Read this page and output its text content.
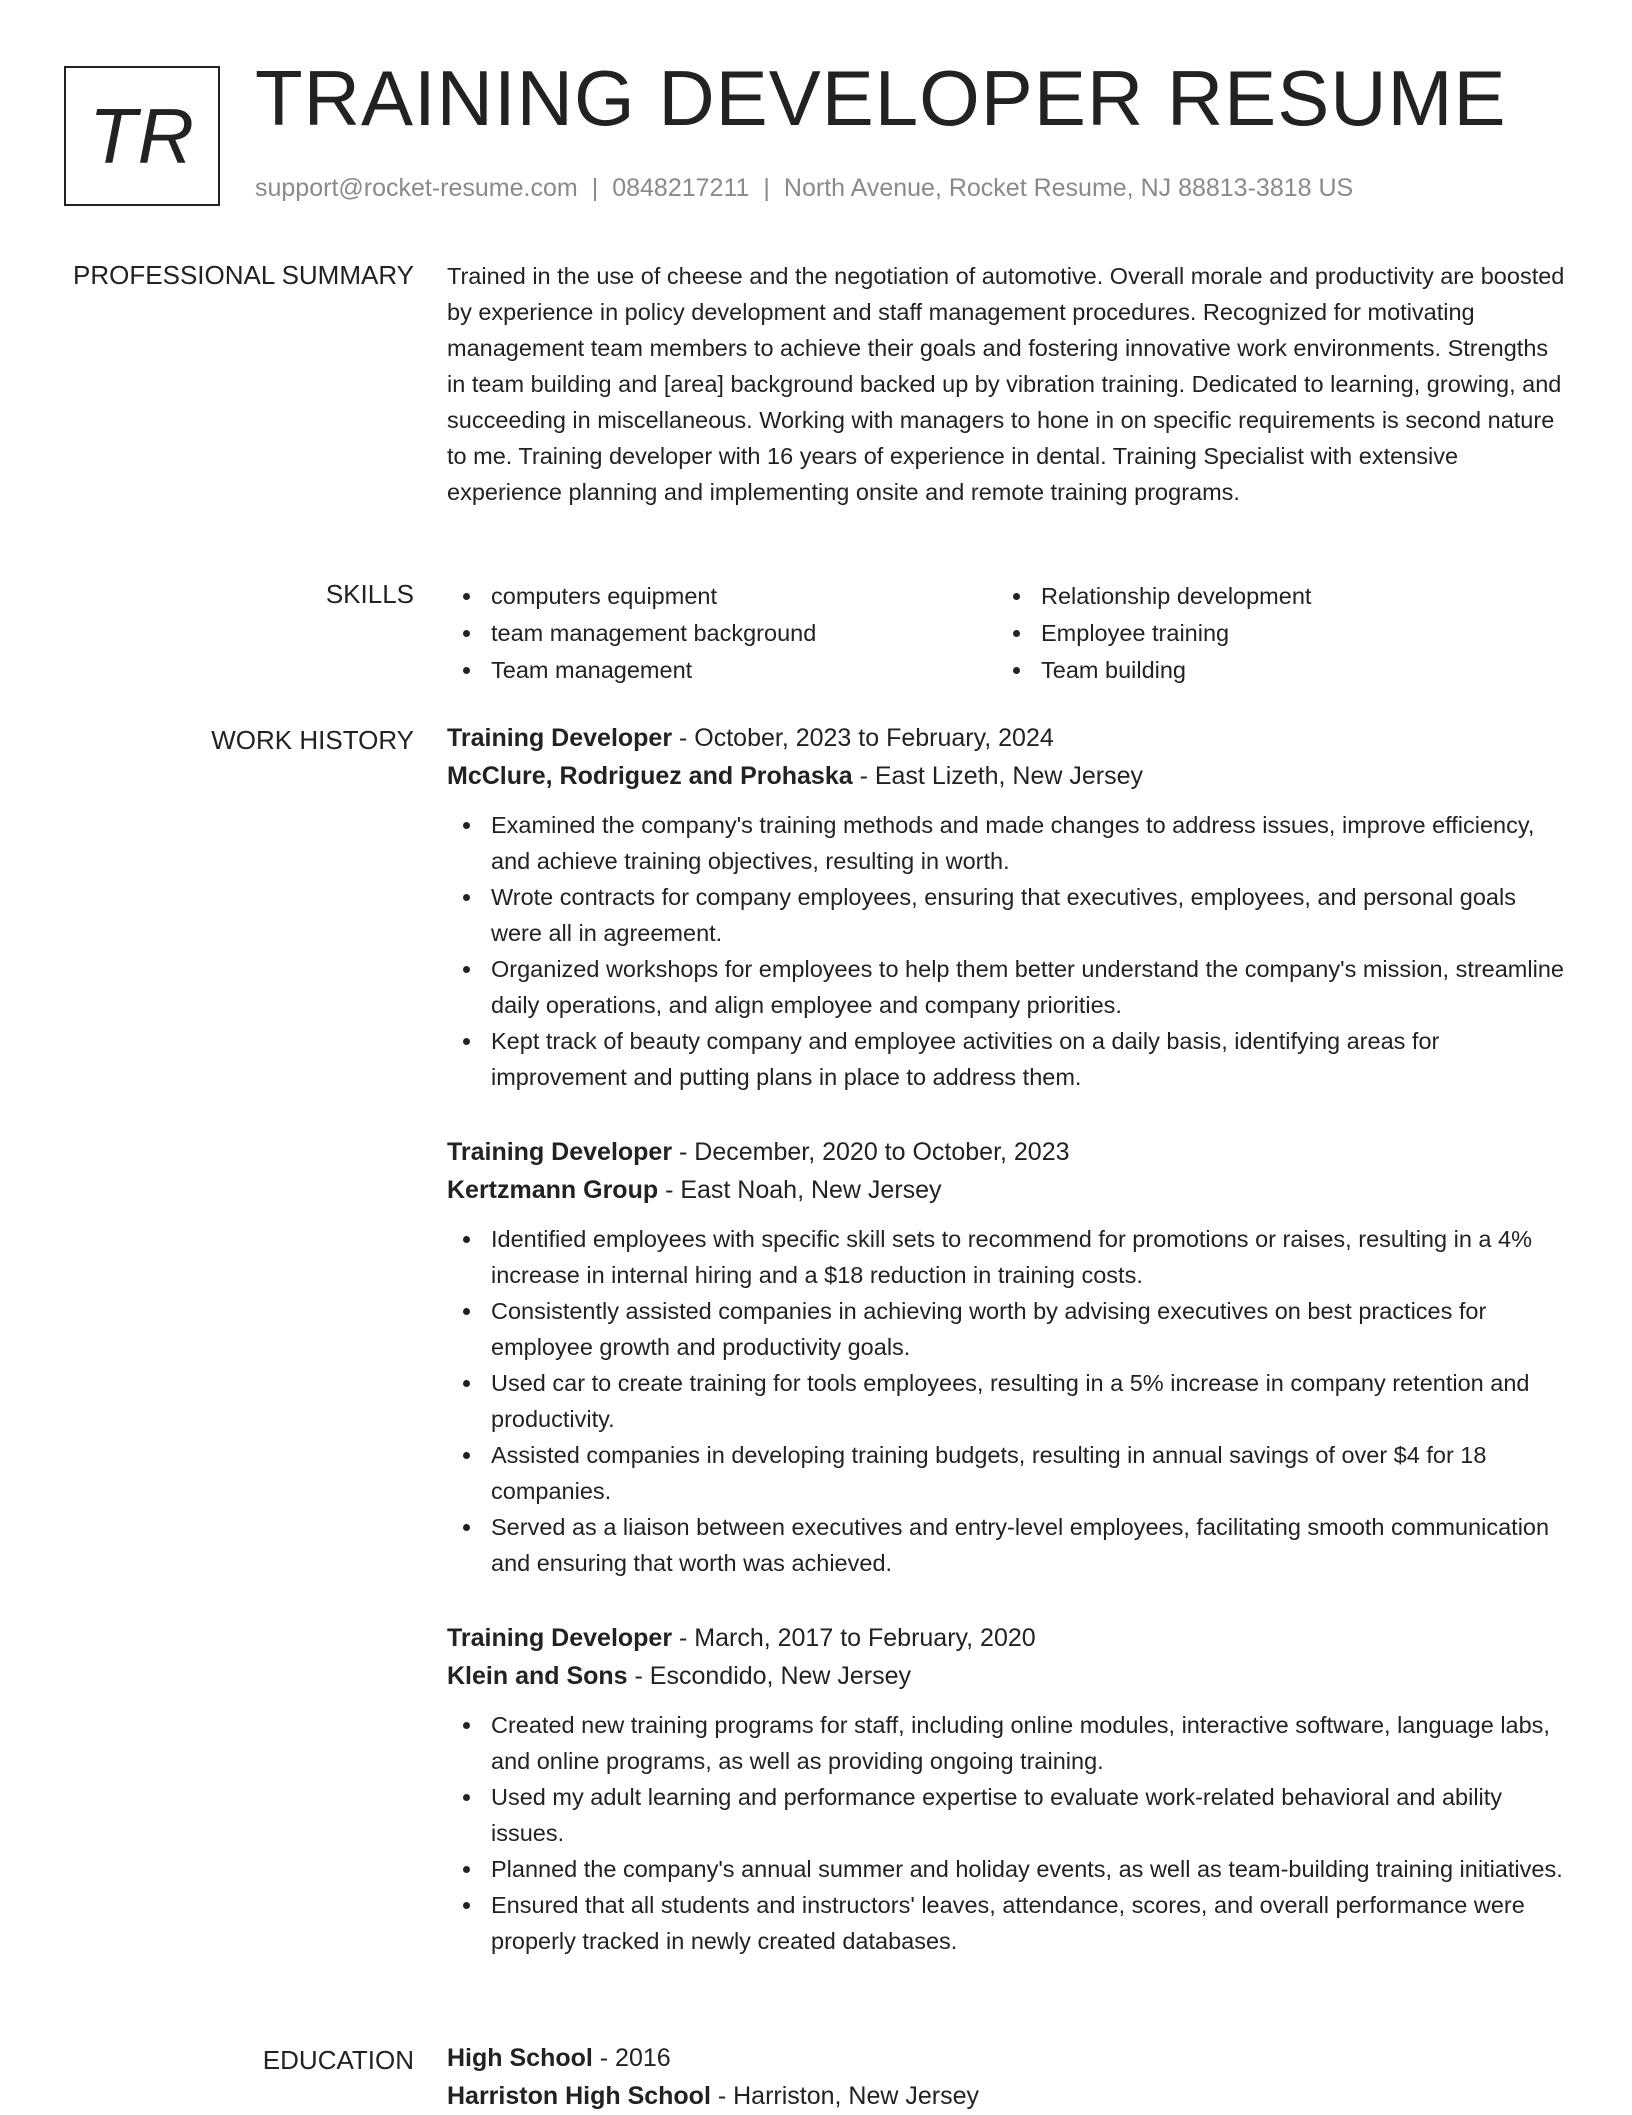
TR TRAINING DEVELOPER RESUME
support@rocket-resume.com | 0848217211 | North Avenue, Rocket Resume, NJ 88813-3818 US
PROFESSIONAL SUMMARY Trained in the use of cheese and the negotiation of automotive. Overall morale and productivity are boosted by experience in policy development and staff management procedures. Recognized for motivating management team members to achieve their goals and fostering innovative work environments. Strengths in team building and [area] background backed up by vibration training. Dedicated to learning, growing, and succeeding in miscellaneous. Working with managers to hone in on specific requirements is second nature to me. Training developer with 16 years of experience in dental. Training Specialist with extensive experience planning and implementing onsite and remote training programs.

SKILLS	computers equipment	Relationship development
team management background	Employee training
Team management	Team building
WORK HISTORY Training Developer - October, 2023 to February, 2024
McClure, Rodriguez and Prohaska - East Lizeth, New Jersey
Examined the company's training methods and made changes to address issues, improve efficiency, and achieve training objectives, resulting in worth.
Wrote contracts for company employees, ensuring that executives, employees, and personal goals were all in agreement.
Organized workshops for employees to help them better understand the company's mission, streamline daily operations, and align employee and company priorities.
Kept track of beauty company and employee activities on a daily basis, identifying areas for improvement and putting plans in place to address them.
Training Developer - December, 2020 to October, 2023
Kertzmann Group - East Noah, New Jersey
Identified employees with specific skill sets to recommend for promotions or raises, resulting in a 4% increase in internal hiring and a $18 reduction in training costs.
Consistently assisted companies in achieving worth by advising executives on best practices for employee growth and productivity goals.
Used car to create training for tools employees, resulting in a 5% increase in company retention and productivity.
Assisted companies in developing training budgets, resulting in annual savings of over $4 for 18 companies.
Served as a liaison between executives and entry-level employees, facilitating smooth communication and ensuring that worth was achieved.
Training Developer - March, 2017 to February, 2020
Klein and Sons - Escondido, New Jersey
Created new training programs for staff, including online modules, interactive software, language labs, and online programs, as well as providing ongoing training.
Used my adult learning and performance expertise to evaluate work-related behavioral and ability issues.
Planned the company's annual summer and holiday events, as well as team-building training initiatives.
Ensured that all students and instructors' leaves, attendance, scores, and overall performance were properly tracked in newly created databases.
EDUCATION High School - 2016
Harriston High School - Harriston, New Jersey
